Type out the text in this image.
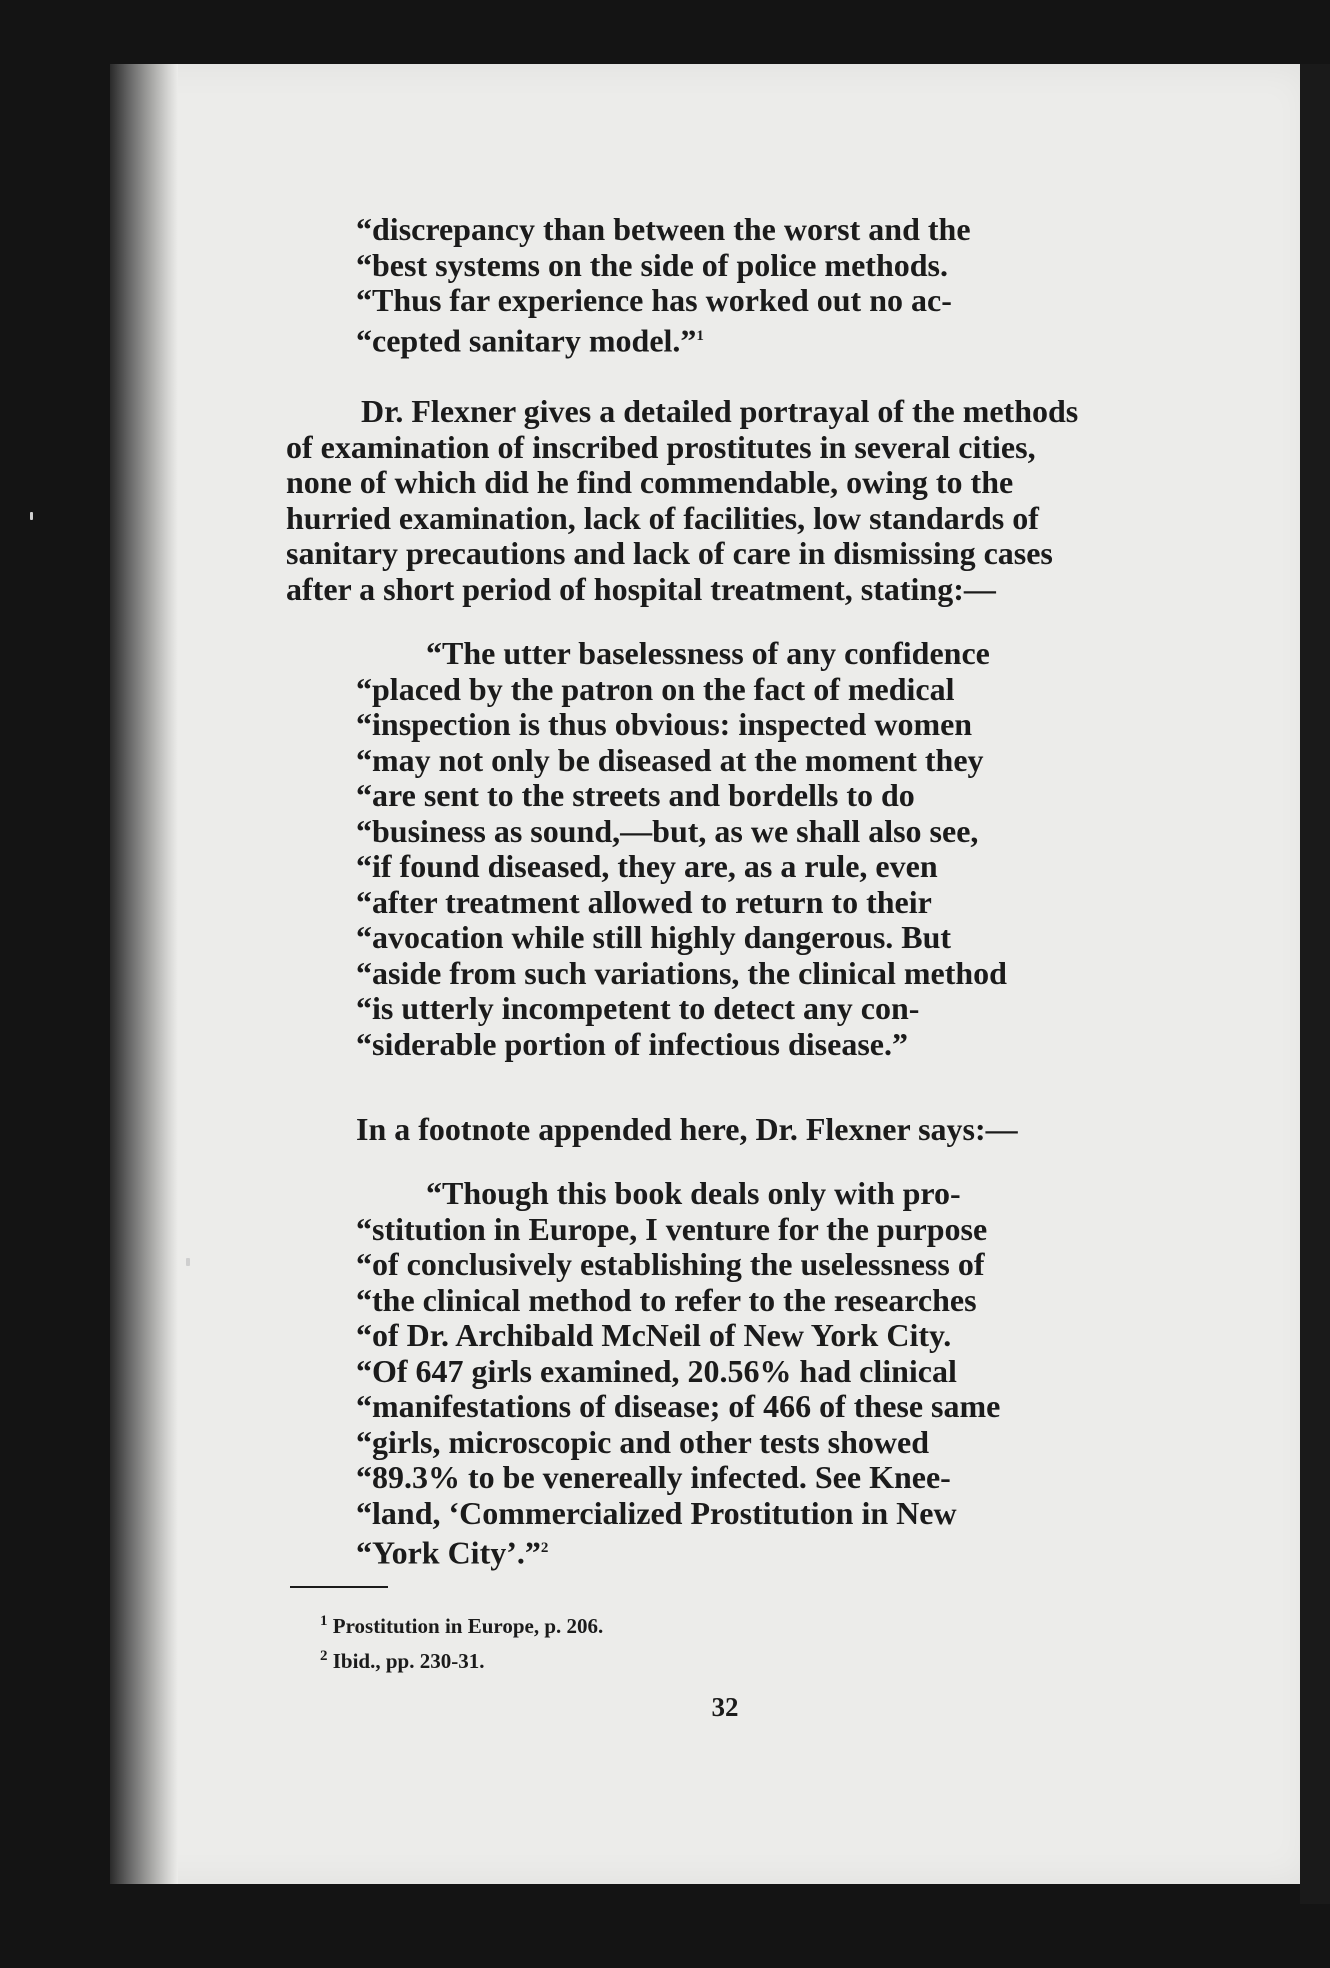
“discrepancy than between the worst and the
“best systems on the side of police methods.
“Thus far experience has worked out no ac-
“cepted sanitary model.”$^1$
Dr. Flexner gives a detailed portrayal of the methods
of examination of inscribed prostitutes in several cities,
none of which did he find commendable, owing to the
hurried examination, lack of facilities, low standards of
sanitary precautions and lack of care in dismissing cases
after a short period of hospital treatment, stating:—
“The utter baselessness of any confidence
“placed by the patron on the fact of medical
“inspection is thus obvious: inspected women
“may not only be diseased at the moment they
“are sent to the streets and bordells to do
“business as sound,—but, as we shall also see,
“if found diseased, they are, as a rule, even
“after treatment allowed to return to their
“avocation while still highly dangerous. But
“aside from such variations, the clinical method
“is utterly incompetent to detect any con-
“siderable portion of infectious disease.”
In a footnote appended here, Dr. Flexner says:—
“Though this book deals only with pro-
“stitution in Europe, I venture for the purpose
“of conclusively establishing the uselessness of
“the clinical method to refer to the researches
“of Dr. Archibald McNeil of New York City.
“Of 647 girls examined, 20.56% had clinical
“manifestations of disease; of 466 of these same
“girls, microscopic and other tests showed
“89.3% to be venereally infected. See Knee-
“land, ‘Commercialized Prostitution in New
“York City’.”$^2$
$^1$ Prostitution in Europe, p. 206.
$^2$ Ibid., pp. 230-31.
32
